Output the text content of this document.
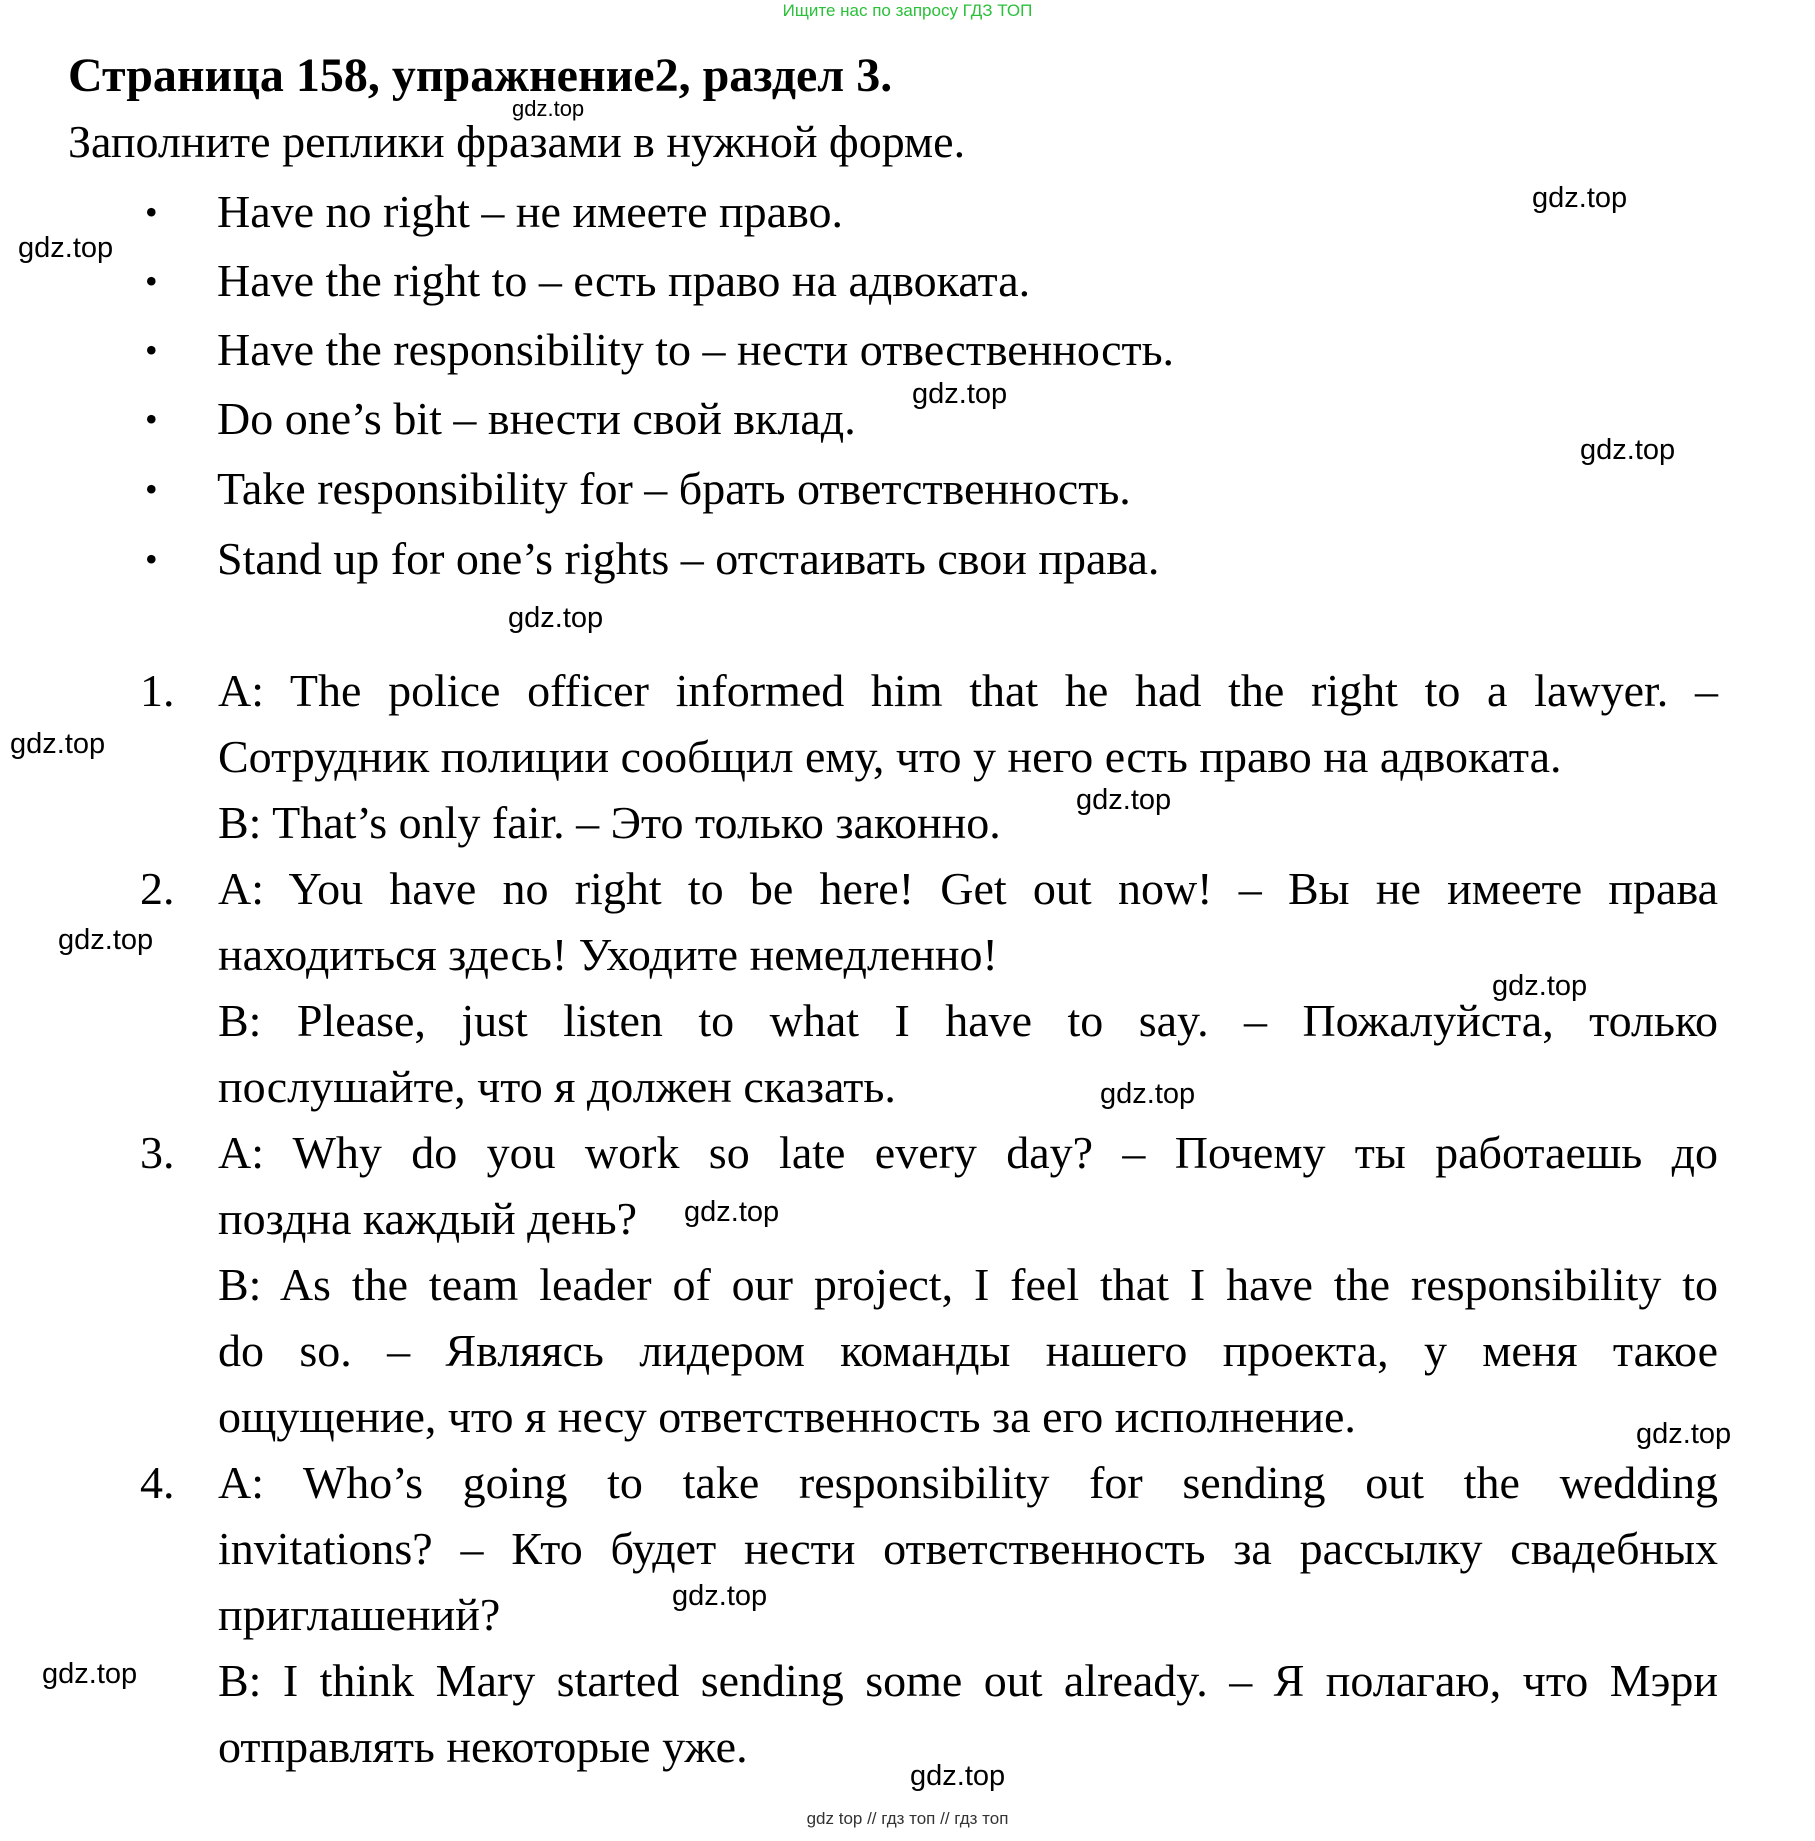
Ищите нас по запросу ГДЗ ТОП
Страница 158, упражнение2, раздел 3.
Заполните реплики фразами в нужной форме.
• Have no right – не имеете право.
• Have the right to – есть право на адвоката.
• Have the responsibility to – нести отвественность.
• Do one’s bit – внести свой вклад.
• Take responsibility for – брать ответственность.
• Stand up for one’s rights – отстаивать свои права.
1. A: The police officer informed him that he had the right to a lawyer. –
Сотрудник полиции сообщил ему, что у него есть право на адвоката.
B: That’s only fair. – Это только законно.
2. A: You have no right to be here! Get out now! – Вы не имеете права
находиться здесь! Уходите немедленно!
B: Please, just listen to what I have to say. – Пожалуйста, только
послушайте, что я должен сказать.
3. A: Why do you work so late every day? – Почему ты работаешь до
поздна каждый день?
B: As the team leader of our project, I feel that I have the responsibility to
do so. – Являясь лидером команды нашего проекта, у меня такое
ощущение, что я несу ответственность за его исполнение.
4. A: Who’s going to take responsibility for sending out the wedding
invitations? – Кто будет нести ответственность за рассылку свадебных
приглашений?
B: I think Mary started sending some out already. – Я полагаю, что Мэри
отправлять некоторые уже.
gdz.top
gdz.top
gdz.top
gdz.top
gdz.top
gdz.top
gdz.top
gdz.top
gdz.top
gdz.top
gdz.top
gdz.top
gdz.top
gdz.top
gdz.top
gdz.top
gdz top // гдз топ // гдз топ
